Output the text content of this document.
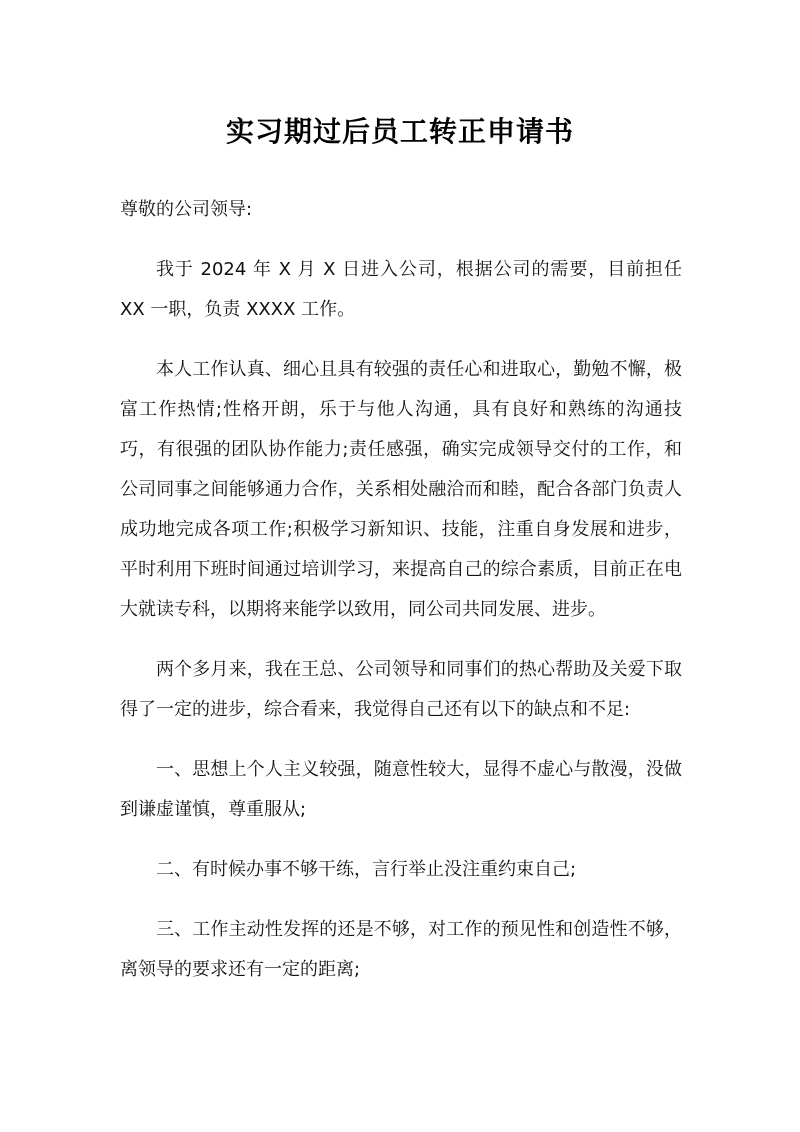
实习期过后员工转正申请书

尊敬的公司领导:

我于 2024 年 X 月 X 日进入公司，根据公司的需要，目前担任 XX 一职，负责 XXXX 工作。

本人工作认真、细心且具有较强的责任心和进取心，勤勉不懈，极富工作热情;性格开朗，乐于与他人沟通，具有良好和熟练的沟通技巧，有很强的团队协作能力;责任感强，确实完成领导交付的工作，和公司同事之间能够通力合作，关系相处融洽而和睦，配合各部门负责人成功地完成各项工作;积极学习新知识、技能，注重自身发展和进步，平时利用下班时间通过培训学习，来提高自己的综合素质，目前正在电大就读专科，以期将来能学以致用，同公司共同发展、进步。

两个多月来，我在王总、公司领导和同事们的热心帮助及关爱下取得了一定的进步，综合看来，我觉得自己还有以下的缺点和不足:

一、思想上个人主义较强，随意性较大，显得不虚心与散漫，没做到谦虚谨慎，尊重服从;

二、有时候办事不够干练，言行举止没注重约束自己;

三、工作主动性发挥的还是不够，对工作的预见性和创造性不够，离领导的要求还有一定的距离;
